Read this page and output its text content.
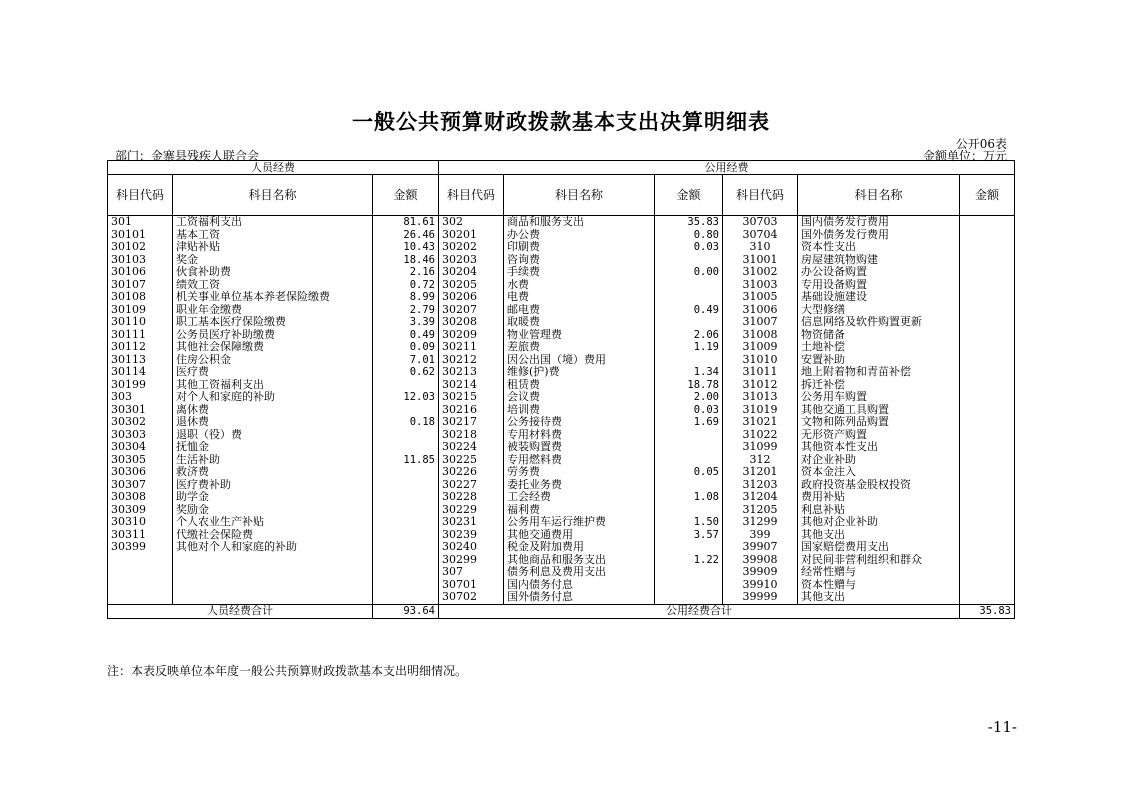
一般公共预算财政拨款基本支出决算明细表
公开06表
部门：金寨县残疾人联合会	金额单位：万元
人员经费			公用经费					
科目代码	科目名称	金额	科目代码	科目名称	金额	科目代码	科目名称	金额
301	工资福利支出	81.61	302	商品和服务支出	35.83	30703	国内债务发行费用	
30101	基本工资	26.46	30201	办公费	0.80	30704	国外债务发行费用	
30102	津贴补贴	10.43	30202	印刷费	0.03	310	资本性支出	
30103	奖金	18.46	30203	咨询费		31001	房屋建筑物购建	
30106	伙食补助费	2.16	30204	手续费	0.00	31002	办公设备购置	
30107	绩效工资	0.72	30205	水费		31003	专用设备购置	
30108	机关事业单位基本养老保险缴费	8.99	30206	电费		31005	基础设施建设	
30109	职业年金缴费	2.79	30207	邮电费	0.49	31006	大型修缮	
30110	职工基本医疗保险缴费	3.39	30208	取暖费		31007	信息网络及软件购置更新	
30111	公务员医疗补助缴费	0.49	30209	物业管理费	2.06	31008	物资储备	
30112	其他社会保障缴费	0.09	30211	差旅费	1.19	31009	土地补偿	
30113	住房公积金	7.01	30212	因公出国（境）费用		31010	安置补助	
30114	医疗费	0.62	30213	维修(护)费	1.34	31011	地上附着物和青苗补偿	
30199	其他工资福利支出		30214	租赁费	18.78	31012	拆迁补偿	
303	对个人和家庭的补助	12.03	30215	会议费	2.00	31013	公务用车购置	
30301	离休费		30216	培训费	0.03	31019	其他交通工具购置	
30302	退休费	0.18	30217	公务接待费	1.69	31021	文物和陈列品购置	
30303	退职（役）费		30218	专用材料费		31022	无形资产购置	
30304	抚恤金		30224	被装购置费		31099	其他资本性支出	
30305	生活补助	11.85	30225	专用燃料费		312	对企业补助	
30306	救济费		30226	劳务费	0.05	31201	资本金注入	
30307	医疗费补助		30227	委托业务费		31203	政府投资基金股权投资	
30308	助学金		30228	工会经费	1.08	31204	费用补贴	
30309	奖励金		30229	福利费		31205	利息补贴	
30310	个人农业生产补贴		30231	公务用车运行维护费	1.50	31299	其他对企业补助	
30311	代缴社会保险费		30239	其他交通费用	3.57	399	其他支出	
30399	其他对个人和家庭的补助		30240	税金及附加费用		39907	国家赔偿费用支出	
			30299	其他商品和服务支出	1.22	39908	对民间非营利组织和群众	
			307	债务利息及费用支出		39909	经常性赠与	
			30701	国内债务付息		39910	资本性赠与	
			30702	国外债务付息		39999	其他支出	
人员经费合计		93.64	公用经费合计					35.83
注：本表反映单位本年度一般公共预算财政拨款基本支出明细情况。
-11-
